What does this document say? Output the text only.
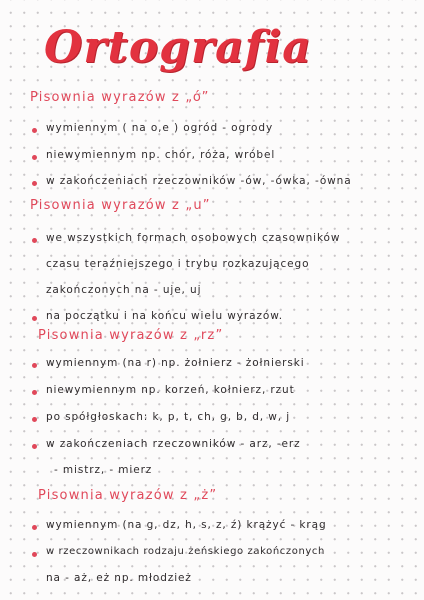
Ortografia
Pisownia wyrazów z „ó”

wymiennym ( na o,e ) ogród - ogrody

niewymiennym np. chór, róża, wróbel

w zakończeniach rzeczowników -ów, -ówka, -ówna

Pisownia wyrazów z „u”

we wszystkich formach osobowych czasowników

czasu teraźniejszego i trybu rozkazującego

zakończonych na - uje, uj

na początku i na końcu wielu wyrazów.

Pisownia wyrazów z „rz”

wymiennym (na r) np. żołnierz - żołnierski

niewymiennym np. korzeń, kołnierz, rzut

po spółgłoskach: k, p, t, ch, g, b, d, w, j

w zakończeniach rzeczowników - arz, -erz

- mistrz, - mierz

Pisownia wyrazów z „ż”

wymiennym (na g, dz, h, s, z, ź) krążyć - krąg

w rzeczownikach rodzaju żeńskiego zakończonych

na - aż, eż np. młodzież
